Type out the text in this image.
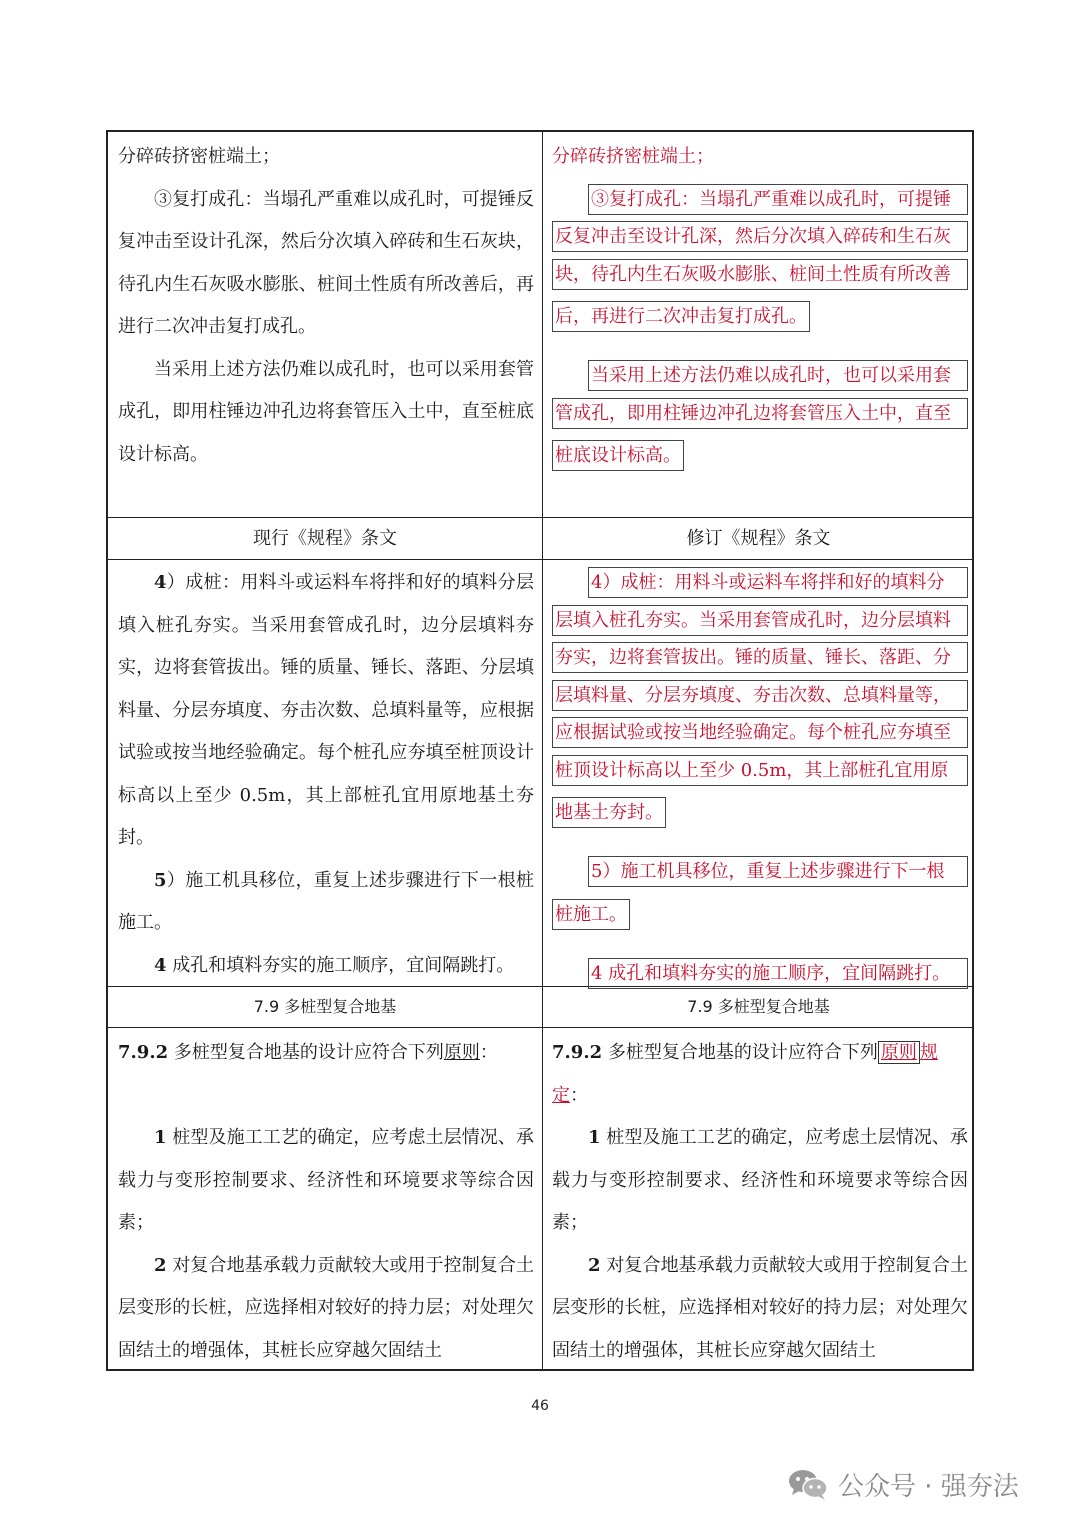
分碎砖挤密桩端土；

③复打成孔：当塌孔严重难以成孔时，可提锤反复冲击至设计孔深，然后分次填入碎砖和生石灰块，待孔内生石灰吸水膨胀、桩间土性质有所改善后，再进行二次冲击复打成孔。

当采用上述方法仍难以成孔时，也可以采用套管成孔，即用柱锤边冲孔边将套管压入土中，直至桩底设计标高。

分碎砖挤密桩端土；

③复打成孔：当塌孔严重难以成孔时，可提锤
反复冲击至设计孔深，然后分次填入碎砖和生石灰
块，待孔内生石灰吸水膨胀、桩间土性质有所改善
后，再进行二次冲击复打成孔。
当采用上述方法仍难以成孔时，也可以采用套
管成孔，即用柱锤边冲孔边将套管压入土中，直至
桩底设计标高。
现行《规程》条文	修订《规程》条文

4）成桩：用料斗或运料车将拌和好的填料分层填入桩孔夯实。当采用套管成孔时，边分层填料夯实，边将套管拔出。锤的质量、锤长、落距、分层填料量、分层夯填度、夯击次数、总填料量等，应根据试验或按当地经验确定。每个桩孔应夯填至桩顶设计标高以上至少 0.5m，其上部桩孔宜用原地基土夯封。

5）施工机具移位，重复上述步骤进行下一根桩施工。

4 成孔和填料夯实的施工顺序，宜间隔跳打。

4）成桩：用料斗或运料车将拌和好的填料分
层填入桩孔夯实。当采用套管成孔时，边分层填料
夯实，边将套管拔出。锤的质量、锤长、落距、分
层填料量、分层夯填度、夯击次数、总填料量等，
应根据试验或按当地经验确定。每个桩孔应夯填至
桩顶设计标高以上至少 0.5m，其上部桩孔宜用原
地基土夯封。
5）施工机具移位，重复上述步骤进行下一根
桩施工。
4 成孔和填料夯实的施工顺序，宜间隔跳打。
7.9 多桩型复合地基	7.9 多桩型复合地基

7.9.2 多桩型复合地基的设计应符合下列原则：

1 桩型及施工工艺的确定，应考虑土层情况、承载力与变形控制要求、经济性和环境要求等综合因素；

2 对复合地基承载力贡献较大或用于控制复合土层变形的长桩，应选择相对较好的持力层；对处理欠固结土的增强体，其桩长应穿越欠固结土

7.9.2 多桩型复合地基的设计应符合下列 原则 规
定：

1 桩型及施工工艺的确定，应考虑土层情况、承载力与变形控制要求、经济性和环境要求等综合因素；

2 对复合地基承载力贡献较大或用于控制复合土层变形的长桩，应选择相对较好的持力层；对处理欠固结土的增强体，其桩长应穿越欠固结土

46
公众号 · 强夯法
